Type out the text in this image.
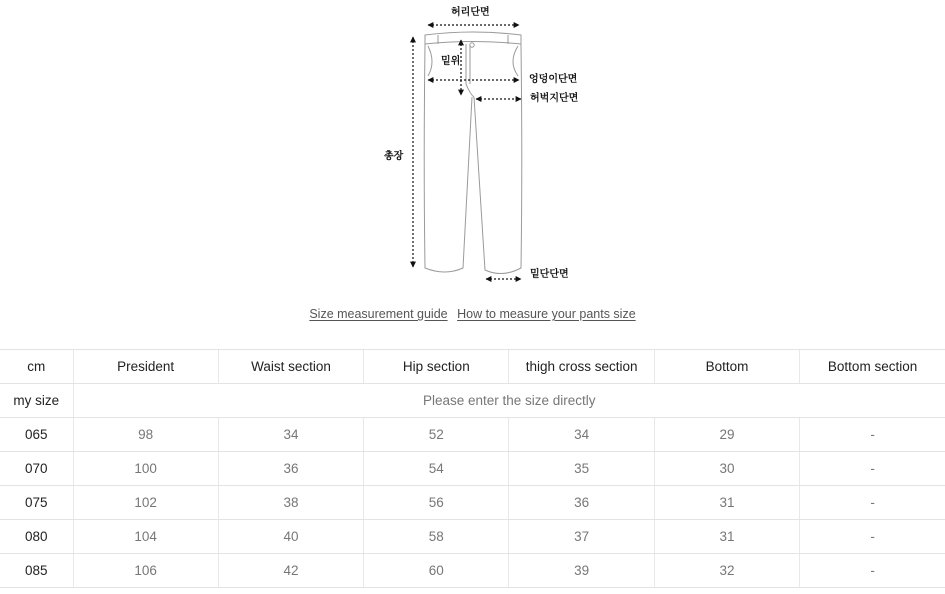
허리단면
밑위
엉덩이단면
허벅지단면
총장
밑단단면
Size measurement guide How to measure your pants size
cm	President	Waist section	Hip section	thigh cross section	Bottom	Bottom section
my size	Please enter the size directly					
065	98	34	52	34	29	-
070	100	36	54	35	30	-
075	102	38	56	36	31	-
080	104	40	58	37	31	-
085	106	42	60	39	32	-
